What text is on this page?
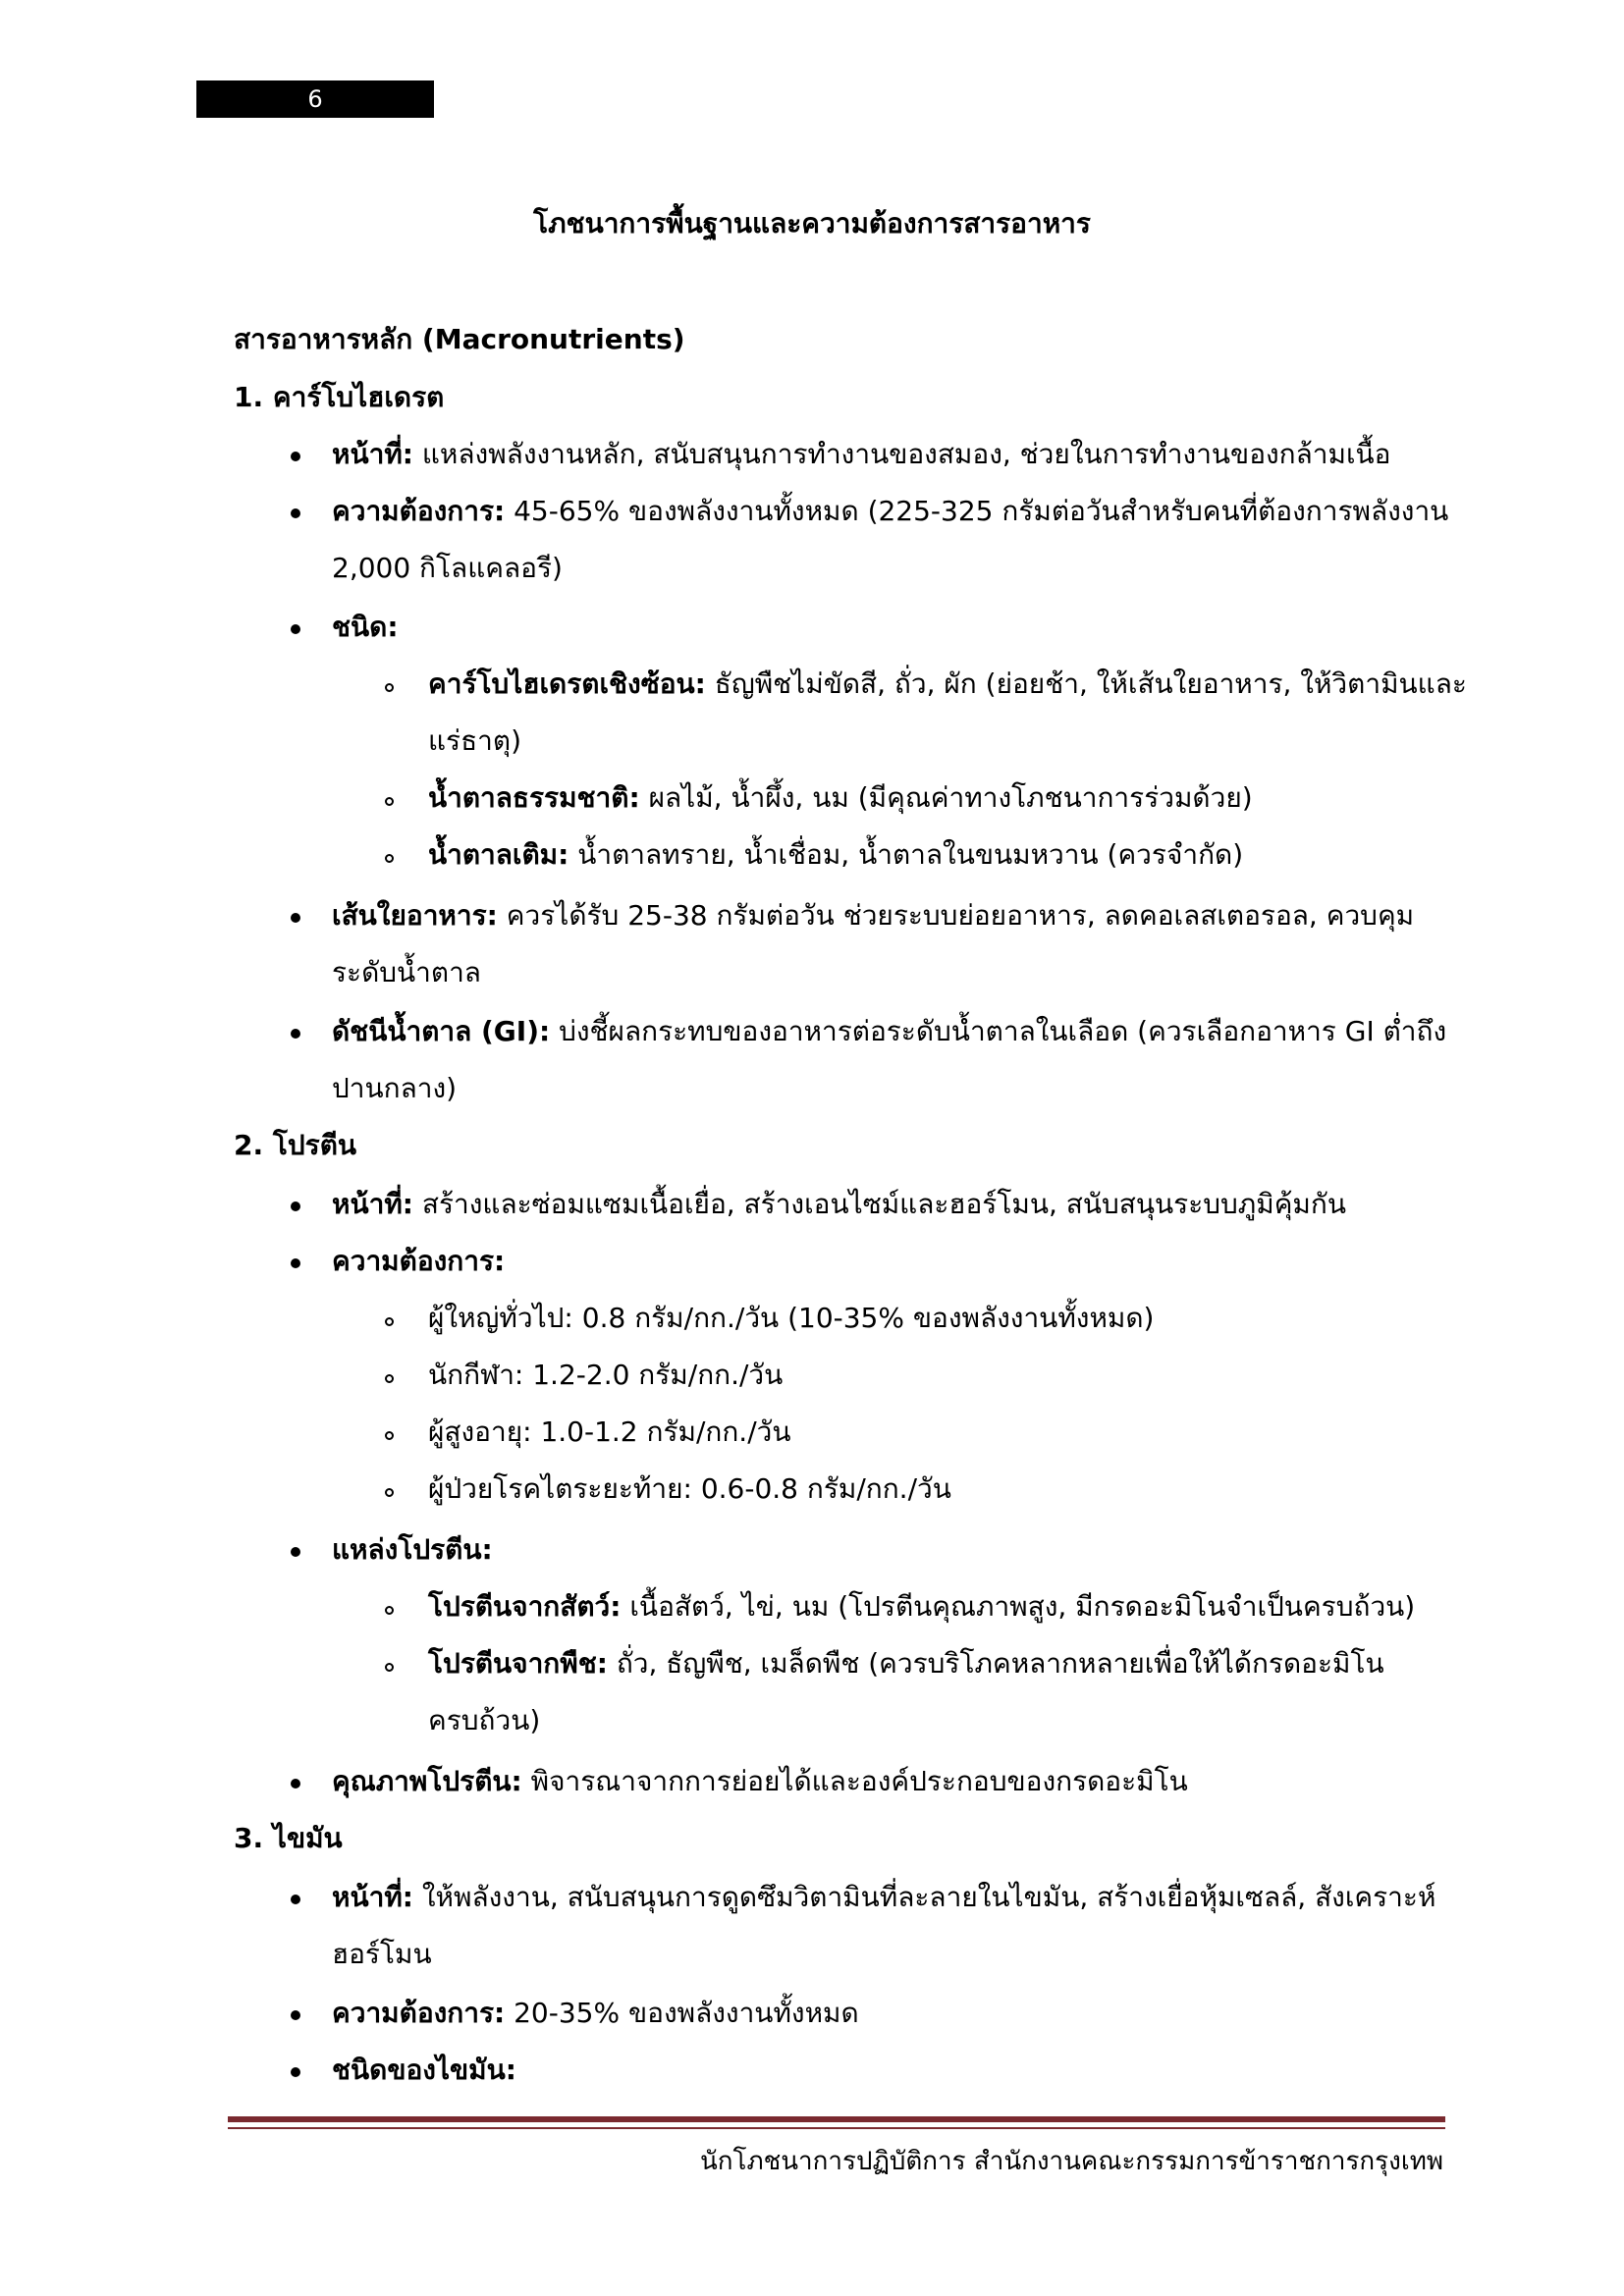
6
โภชนาการพื้นฐานและความต้องการสารอาหาร
สารอาหารหลัก (Macronutrients)
1. คาร์โบไฮเดรต
หน้าที่: แหล่งพลังงานหลัก, สนับสนุนการทำงานของสมอง, ช่วยในการทำงานของกล้ามเนื้อ
ความต้องการ: 45-65% ของพลังงานทั้งหมด (225-325 กรัมต่อวันสำหรับคนที่ต้องการพลังงาน
2,000 กิโลแคลอรี)
ชนิด:
คาร์โบไฮเดรตเชิงซ้อน: ธัญพืชไม่ขัดสี, ถั่ว, ผัก (ย่อยช้า, ให้เส้นใยอาหาร, ให้วิตามินและ
แร่ธาตุ)
น้ำตาลธรรมชาติ: ผลไม้, น้ำผึ้ง, นม (มีคุณค่าทางโภชนาการร่วมด้วย)
น้ำตาลเติม: น้ำตาลทราย, น้ำเชื่อม, น้ำตาลในขนมหวาน (ควรจำกัด)
เส้นใยอาหาร: ควรได้รับ 25-38 กรัมต่อวัน ช่วยระบบย่อยอาหาร, ลดคอเลสเตอรอล, ควบคุม
ระดับน้ำตาล
ดัชนีน้ำตาล (GI): บ่งชี้ผลกระทบของอาหารต่อระดับน้ำตาลในเลือด (ควรเลือกอาหาร GI ต่ำถึง
ปานกลาง)
2. โปรตีน
หน้าที่: สร้างและซ่อมแซมเนื้อเยื่อ, สร้างเอนไซม์และฮอร์โมน, สนับสนุนระบบภูมิคุ้มกัน
ความต้องการ:
ผู้ใหญ่ทั่วไป: 0.8 กรัม/กก./วัน (10-35% ของพลังงานทั้งหมด)
นักกีฬา: 1.2-2.0 กรัม/กก./วัน
ผู้สูงอายุ: 1.0-1.2 กรัม/กก./วัน
ผู้ป่วยโรคไตระยะท้าย: 0.6-0.8 กรัม/กก./วัน
แหล่งโปรตีน:
โปรตีนจากสัตว์: เนื้อสัตว์, ไข่, นม (โปรตีนคุณภาพสูง, มีกรดอะมิโนจำเป็นครบถ้วน)
โปรตีนจากพืช: ถั่ว, ธัญพืช, เมล็ดพืช (ควรบริโภคหลากหลายเพื่อให้ได้กรดอะมิโน
ครบถ้วน)
คุณภาพโปรตีน: พิจารณาจากการย่อยได้และองค์ประกอบของกรดอะมิโน
3. ไขมัน
หน้าที่: ให้พลังงาน, สนับสนุนการดูดซึมวิตามินที่ละลายในไขมัน, สร้างเยื่อหุ้มเซลล์, สังเคราะห์
ฮอร์โมน
ความต้องการ: 20-35% ของพลังงานทั้งหมด
ชนิดของไขมัน:
นักโภชนาการปฏิบัติการ สำนักงานคณะกรรมการข้าราชการกรุงเทพ
